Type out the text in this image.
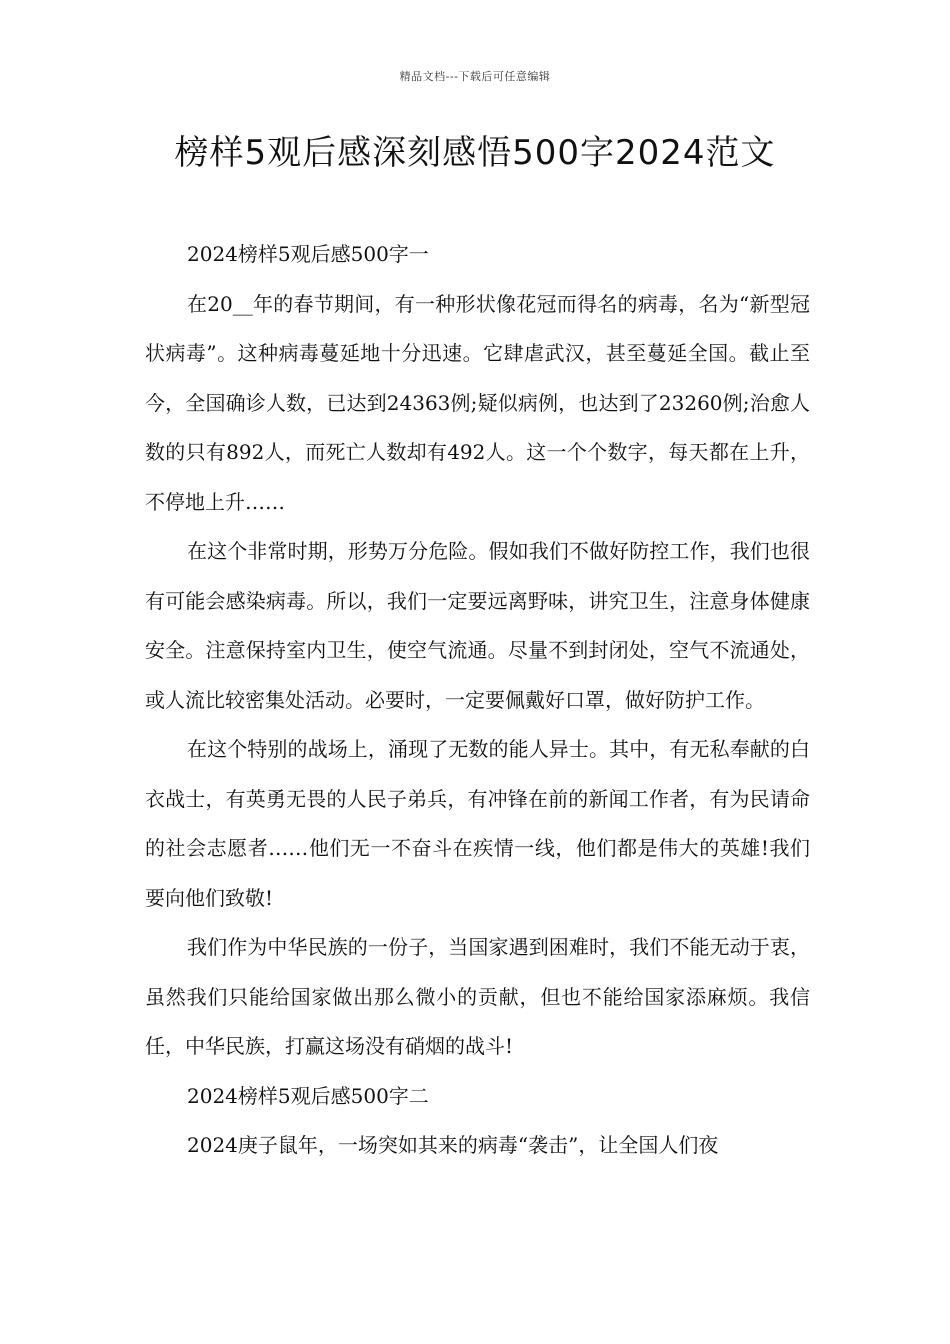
精品文档---下载后可任意编辑
榜样5观后感深刻感悟500字2024范文

2024榜样5观后感500字一

在20__年的春节期间，有一种形状像花冠而得名的病毒，名为“新型冠状病毒”。这种病毒蔓延地十分迅速。它肆虐武汉，甚至蔓延全国。截止至今，全国确诊人数，已达到24363例;疑似病例，也达到了23260例;治愈人数的只有892人，而死亡人数却有492人。这一个个数字，每天都在上升，不停地上升……

在这个非常时期，形势万分危险。假如我们不做好防控工作，我们也很有可能会感染病毒。所以，我们一定要远离野味，讲究卫生，注意身体健康安全。注意保持室内卫生，使空气流通。尽量不到封闭处，空气不流通处，或人流比较密集处活动。必要时，一定要佩戴好口罩，做好防护工作。

在这个特别的战场上，涌现了无数的能人异士。其中，有无私奉献的白衣战士，有英勇无畏的人民子弟兵，有冲锋在前的新闻工作者，有为民请命的社会志愿者……他们无一不奋斗在疾情一线，他们都是伟大的英雄!我们要向他们致敬!

我们作为中华民族的一份子，当国家遇到困难时，我们不能无动于衷，虽然我们只能给国家做出那么微小的贡献，但也不能给国家添麻烦。我信任，中华民族，打赢这场没有硝烟的战斗!

2024榜样5观后感500字二

2024庚子鼠年，一场突如其来的病毒“袭击”，让全国人们夜
